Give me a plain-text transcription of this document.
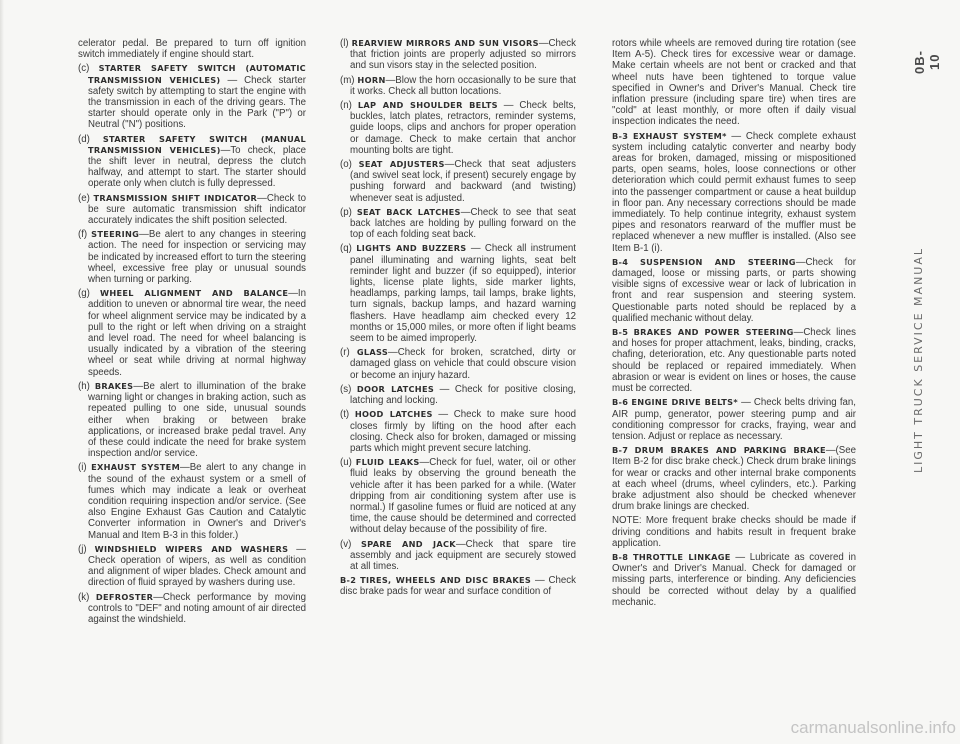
celerator pedal. Be prepared to turn off ignition switch immediately if engine should start.

(c) STARTER SAFETY SWITCH (AUTOMATIC TRANSMISSION VEHICLES) — Check starter safety switch by attempting to start the engine with the transmission in each of the driving gears. The starter should operate only in the Park ("P") or Neutral ("N") positions.

(d) STARTER SAFETY SWITCH (MANUAL TRANSMISSION VEHICLES)—To check, place the shift lever in neutral, depress the clutch halfway, and attempt to start. The starter should operate only when clutch is fully depressed.

(e) TRANSMISSION SHIFT INDICATOR—Check to be sure automatic transmission shift indicator accurately indicates the shift position selected.

(f) STEERING—Be alert to any changes in steering action. The need for inspection or servicing may be indicated by increased effort to turn the steering wheel, excessive free play or unusual sounds when turning or parking.

(g) WHEEL ALIGNMENT AND BALANCE—In addition to uneven or abnormal tire wear, the need for wheel alignment service may be indicated by a pull to the right or left when driving on a straight and level road. The need for wheel balancing is usually indicated by a vibration of the steering wheel or seat while driving at normal highway speeds.

(h) BRAKES—Be alert to illumination of the brake warning light or changes in braking action, such as repeated pulling to one side, unusual sounds either when braking or between brake applications, or increased brake pedal travel. Any of these could indicate the need for brake system inspection and/or service.

(i) EXHAUST SYSTEM—Be alert to any change in the sound of the exhaust system or a smell of fumes which may indicate a leak or overheat condition requiring inspection and/or service. (See also Engine Exhaust Gas Caution and Catalytic Converter information in Owner's and Driver's Manual and Item B-3 in this folder.)

(j) WINDSHIELD WIPERS AND WASHERS — Check operation of wipers, as well as condition and alignment of wiper blades. Check amount and direction of fluid sprayed by washers during use.

(k) DEFROSTER—Check performance by moving controls to "DEF" and noting amount of air directed against the windshield.

(l) REARVIEW MIRRORS AND SUN VISORS—Check that friction joints are properly adjusted so mirrors and sun visors stay in the selected position.

(m) HORN—Blow the horn occasionally to be sure that it works. Check all button locations.

(n) LAP AND SHOULDER BELTS — Check belts, buckles, latch plates, retractors, reminder systems, guide loops, clips and anchors for proper operation or damage. Check to make certain that anchor mounting bolts are tight.

(o) SEAT ADJUSTERS—Check that seat adjusters (and swivel seat lock, if present) securely engage by pushing forward and backward (and twisting) whenever seat is adjusted.

(p) SEAT BACK LATCHES—Check to see that seat back latches are holding by pulling forward on the top of each folding seat back.

(q) LIGHTS AND BUZZERS — Check all instrument panel illuminating and warning lights, seat belt reminder light and buzzer (if so equipped), interior lights, license plate lights, side marker lights, headlamps, parking lamps, tail lamps, brake lights, turn signals, backup lamps, and hazard warning flashers. Have headlamp aim checked every 12 months or 15,000 miles, or more often if light beams seem to be aimed improperly.

(r) GLASS—Check for broken, scratched, dirty or damaged glass on vehicle that could obscure vision or become an injury hazard.

(s) DOOR LATCHES — Check for positive closing, latching and locking.

(t) HOOD LATCHES — Check to make sure hood closes firmly by lifting on the hood after each closing. Check also for broken, damaged or missing parts which might prevent secure latching.

(u) FLUID LEAKS—Check for fuel, water, oil or other fluid leaks by observing the ground beneath the vehicle after it has been parked for a while. (Water dripping from air conditioning system after use is normal.) If gasoline fumes or fluid are noticed at any time, the cause should be determined and corrected without delay because of the possibility of fire.

(v) SPARE AND JACK—Check that spare tire assembly and jack equipment are securely stowed at all times.

B-2 TIRES, WHEELS AND DISC BRAKES — Check disc brake pads for wear and surface condition of

rotors while wheels are removed during tire rotation (see Item A-5). Check tires for excessive wear or damage. Make certain wheels are not bent or cracked and that wheel nuts have been tightened to torque value specified in Owner's and Driver's Manual. Check tire inflation pressure (including spare tire) when tires are "cold" at least monthly, or more often if daily visual inspection indicates the need.

B-3 EXHAUST SYSTEM* — Check complete exhaust system including catalytic converter and nearby body areas for broken, damaged, missing or mispositioned parts, open seams, holes, loose connections or other deterioration which could permit exhaust fumes to seep into the passenger compartment or cause a heat buildup in floor pan. Any necessary corrections should be made immediately. To help continue integrity, exhaust system pipes and resonators rearward of the muffler must be replaced whenever a new muffler is installed. (Also see Item B-1 (i).

B-4 SUSPENSION AND STEERING—Check for damaged, loose or missing parts, or parts showing visible signs of excessive wear or lack of lubrication in front and rear suspension and steering system. Questionable parts noted should be replaced by a qualified mechanic without delay.

B-5 BRAKES AND POWER STEERING—Check lines and hoses for proper attachment, leaks, binding, cracks, chafing, deterioration, etc. Any questionable parts noted should be replaced or repaired immediately. When abrasion or wear is evident on lines or hoses, the cause must be corrected.

B-6 ENGINE DRIVE BELTS* — Check belts driving fan, AIR pump, generator, power steering pump and air conditioning compressor for cracks, fraying, wear and tension. Adjust or replace as necessary.

B-7 DRUM BRAKES AND PARKING BRAKE—(See Item B-2 for disc brake check.) Check drum brake linings for wear or cracks and other internal brake components at each wheel (drums, wheel cylinders, etc.). Parking brake adjustment also should be checked whenever drum brake linings are checked.

NOTE: More frequent brake checks should be made if driving conditions and habits result in frequent brake application.

B-8 THROTTLE LINKAGE — Lubricate as covered in Owner's and Driver's Manual. Check for damaged or missing parts, interference or binding. Any deficiencies should be corrected without delay by a qualified mechanic.

0B-10
LIGHT TRUCK SERVICE MANUAL
carmanualsonline.info
